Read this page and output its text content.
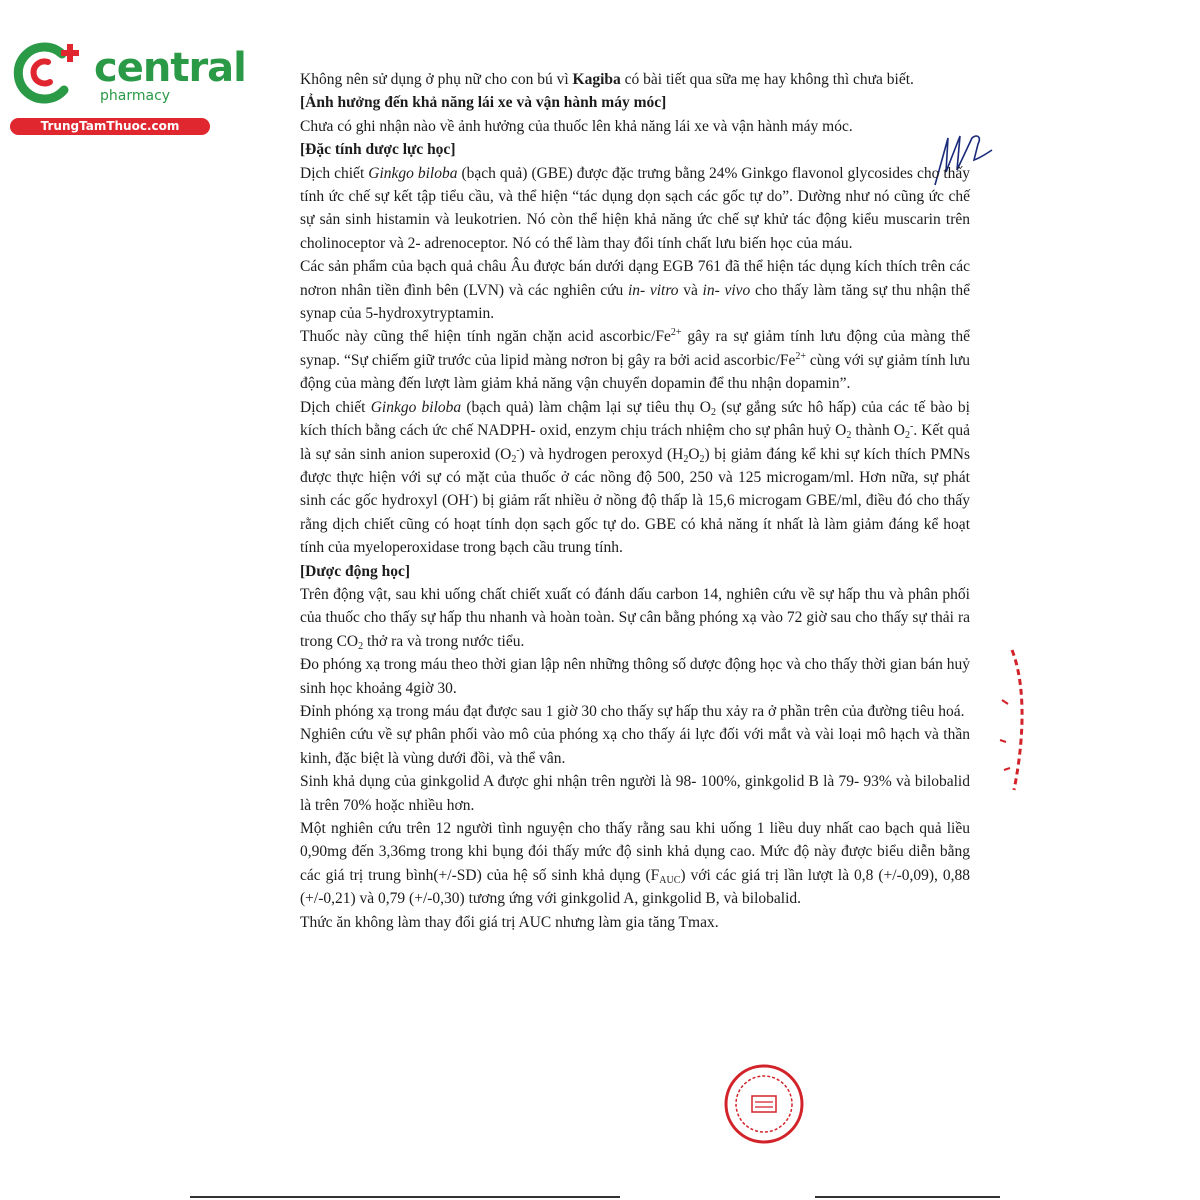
central
pharmacy
TrungTamThuoc.com

Không nên sử dụng ở phụ nữ cho con bú vì Kagiba có bài tiết qua sữa mẹ hay không thì chưa biết.

[Ảnh hưởng đến khả năng lái xe và vận hành máy móc]

Chưa có ghi nhận nào về ảnh hưởng của thuốc lên khả năng lái xe và vận hành máy móc.

[Đặc tính dược lực học]

Dịch chiết Ginkgo biloba (bạch quả) (GBE) được đặc trưng bằng 24% Ginkgo flavonol glycosides cho thấy tính ức chế sự kết tập tiểu cầu, và thể hiện “tác dụng dọn sạch các gốc tự do”. Dường như nó cũng ức chế sự sản sinh histamin và leukotrien. Nó còn thể hiện khả năng ức chế sự khử tác động kiểu muscarin trên cholinoceptor và 2- adrenoceptor. Nó có thể làm thay đổi tính chất lưu biến học của máu.

Các sản phẩm của bạch quả châu Âu được bán dưới dạng EGB 761 đã thể hiện tác dụng kích thích trên các nơron nhân tiền đình bên (LVN) và các nghiên cứu in- vitro và in- vivo cho thấy làm tăng sự thu nhận thể synap của 5-hydroxytryptamin.

Thuốc này cũng thể hiện tính ngăn chặn acid ascorbic/$Fe^{2+}$ gây ra sự giảm tính lưu động của màng thể synap. “Sự chiếm giữ trước của lipid màng nơron bị gây ra bởi acid ascorbic/$Fe^{2+}$ cùng với sự giảm tính lưu động của màng đến lượt làm giảm khả năng vận chuyển dopamin để thu nhận dopamin”.

Dịch chiết Ginkgo biloba (bạch quả) làm chậm lại sự tiêu thụ $O_2$ (sự gắng sức hô hấp) của các tế bào bị kích thích bằng cách ức chế NADPH- oxid, enzym chịu trách nhiệm cho sự phân huỷ $O_2$ thành $O_2^-$. Kết quả là sự sản sinh anion superoxid $(O_2^-)$ và hydrogen peroxyd $(H_2O_2)$ bị giảm đáng kể khi sự kích thích PMNs được thực hiện với sự có mặt của thuốc ở các nồng độ 500, 250 và 125 microgam/ml. Hơn nữa, sự phát sinh các gốc hydroxyl (OH-) bị giảm rất nhiều ở nồng độ thấp là 15,6 microgam GBE/ml, điều đó cho thấy rằng dịch chiết cũng có hoạt tính dọn sạch gốc tự do. GBE có khả năng ít nhất là làm giảm đáng kể hoạt tính của myeloperoxidase trong bạch cầu trung tính.

[Dược động học]

Trên động vật, sau khi uống chất chiết xuất có đánh dấu carbon 14, nghiên cứu về sự hấp thu và phân phối của thuốc cho thấy sự hấp thu nhanh và hoàn toàn. Sự cân bằng phóng xạ vào 72 giờ sau cho thấy sự thải ra trong $CO_2$ thở ra và trong nước tiểu.

Đo phóng xạ trong máu theo thời gian lập nên những thông số dược động học và cho thấy thời gian bán huỷ sinh học khoảng 4giờ 30.

Đỉnh phóng xạ trong máu đạt được sau 1 giờ 30 cho thấy sự hấp thu xảy ra ở phần trên của đường tiêu hoá.

Nghiên cứu về sự phân phối vào mô của phóng xạ cho thấy ái lực đối với mắt và vài loại mô hạch và thần kinh, đặc biệt là vùng dưới đồi, và thể vân.

Sinh khả dụng của ginkgolid A được ghi nhận trên người là 98- 100%, ginkgolid B là 79- 93% và bilobalid là trên 70% hoặc nhiều hơn.

Một nghiên cứu trên 12 người tình nguyện cho thấy rằng sau khi uống 1 liều duy nhất cao bạch quả liều 0,90mg đến 3,36mg trong khi bụng đói thấy mức độ sinh khả dụng cao. Mức độ này được biểu diễn bằng các giá trị trung bình(+/-SD) của hệ số sinh khả dụng $(F_{AUC})$ với các giá trị lần lượt là 0,8 (+/-0,09), 0,88 (+/-0,21) và 0,79 (+/-0,30) tương ứng với ginkgolid A, ginkgolid B, và bilobalid.

Thức ăn không làm thay đổi giá trị AUC nhưng làm gia tăng Tmax.
